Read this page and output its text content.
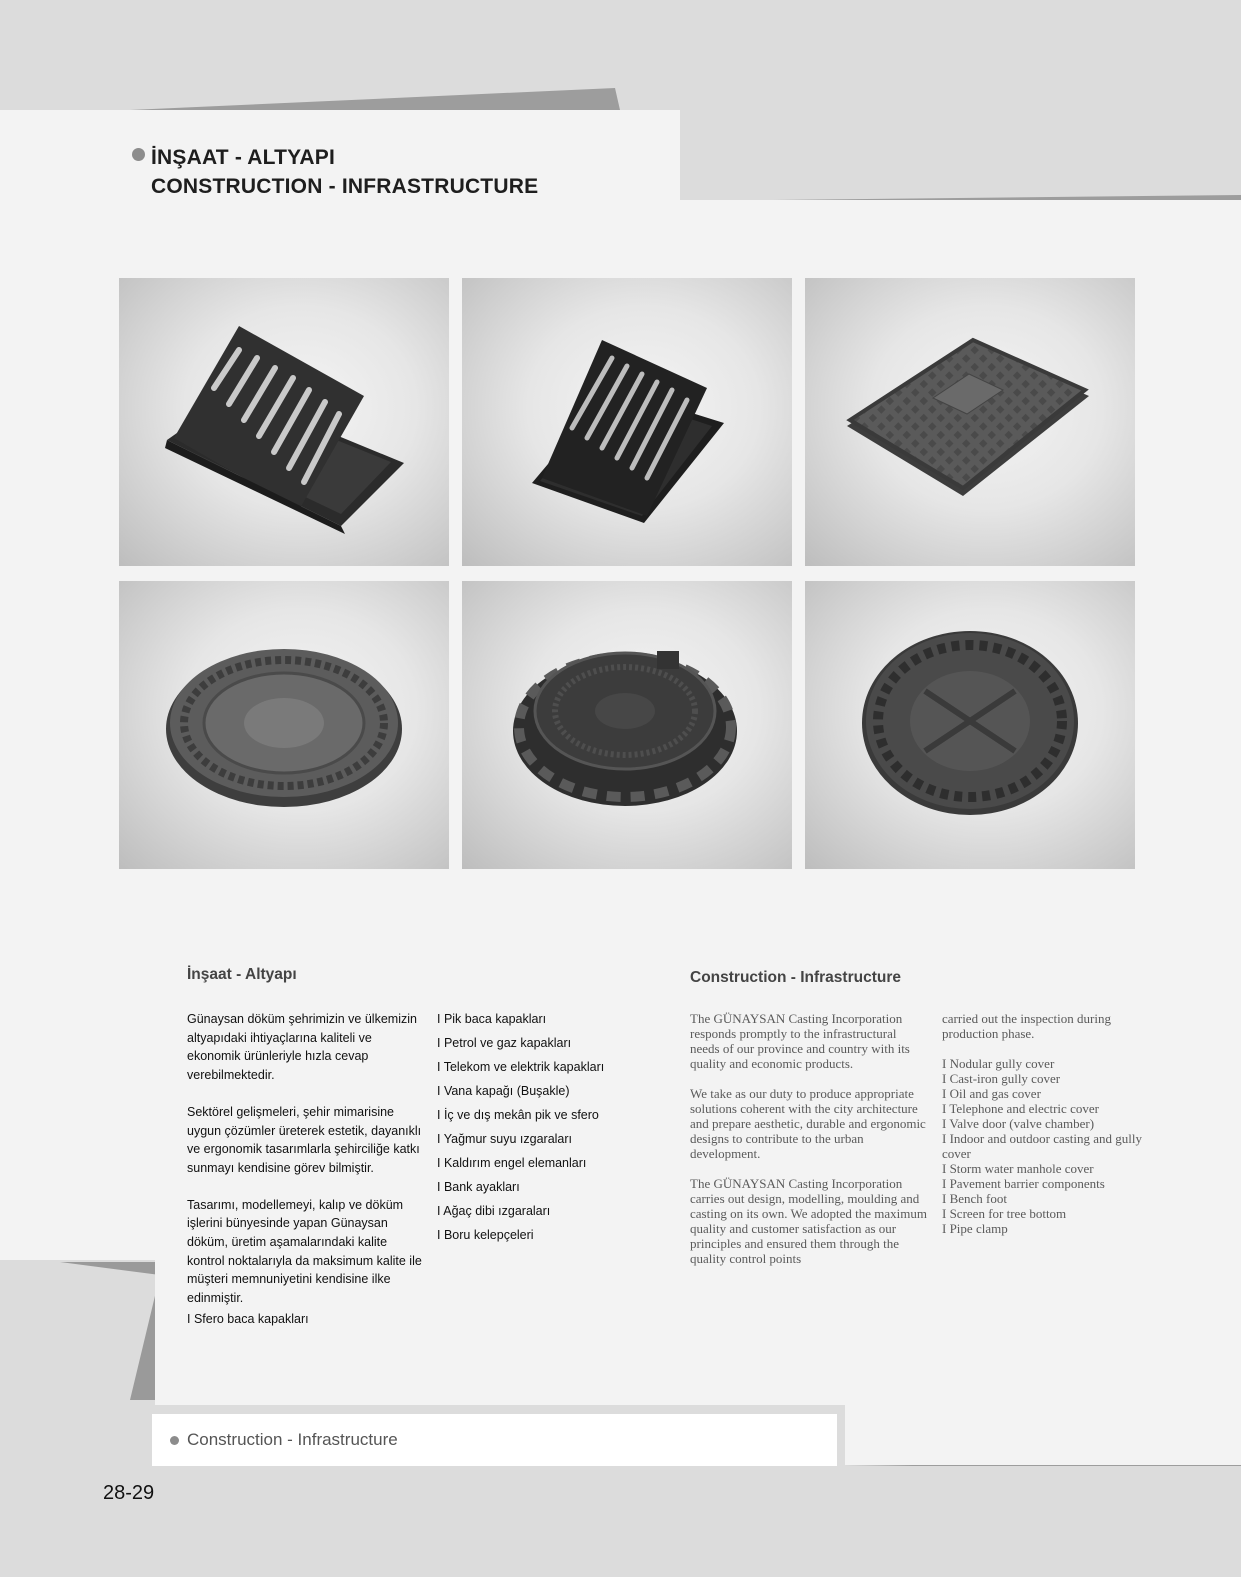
İNŞAAT - ALTYAPI
CONSTRUCTION - INFRASTRUCTURE
İnşaat - Altyapı

Günaysan döküm şehrimizin ve ülkemizin altyapıdaki ihtiyaçlarına kaliteli ve ekonomik ürünleriyle hızla cevap verebilmektedir.

Sektörel gelişmeleri, şehir mimarisine uygun çözümler üreterek estetik, dayanıklı ve ergonomik tasarımlarla şehirciliğe katkı sunmayı kendisine görev bilmiştir.

Tasarımı, modellemeyi, kalıp ve döküm işlerini bünyesinde yapan Günaysan döküm, üretim aşamalarındaki kalite kontrol noktalarıyla da maksimum kalite ile müşteri memnuniyetini kendisine ilke edinmiştir.

I Sfero baca kapakları

I Pik baca kapakları
I Petrol ve gaz kapakları
I Telekom ve elektrik kapakları
I Vana kapağı (Buşakle)
I İç ve dış mekân pik ve sfero
I Yağmur suyu ızgaraları
I Kaldırım engel elemanları
I Bank ayakları
I Ağaç dibi ızgaraları
I Boru kelepçeleri
Construction - Infrastructure

The GÜNAYSAN Casting Incorporation responds promptly to the infrastructural needs of our province and country with its quality and economic products.

We take as our duty to produce appropriate solutions coherent with the city architecture and prepare aesthetic, durable and ergonomic designs to contribute to the urban development.

The GÜNAYSAN Casting Incorporation carries out design, modelling, moulding and casting on its own. We adopted the maximum quality and customer satisfaction as our principles and ensured them through the quality control points

carried out the inspection during production phase.

I Nodular gully cover

I Cast-iron gully cover

I Oil and gas cover

I Telephone and electric cover

I Valve door (valve chamber)

I Indoor and outdoor casting and gully cover

I Storm water manhole cover

I Pavement barrier components

I Bench foot

I Screen for tree bottom

I Pipe clamp

Construction - Infrastructure
28-29
